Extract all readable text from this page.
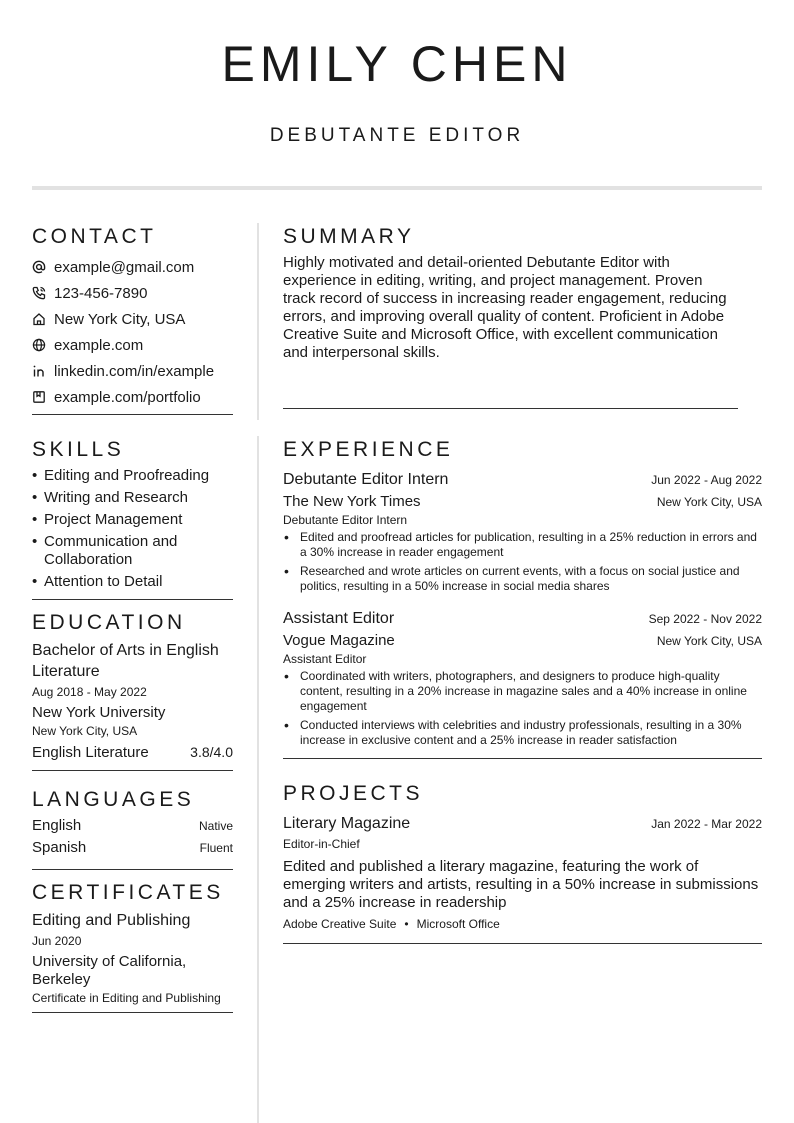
EMILY CHEN
DEBUTANTE EDITOR
CONTACT
example@gmail.com
123-456-7890
New York City, USA
example.com
linkedin.com/in/example
example.com/portfolio
SUMMARY
Highly motivated and detail-oriented Debutante Editor with experience in editing, writing, and project management. Proven track record of success in increasing reader engagement, reducing errors, and improving overall quality of content. Proficient in Adobe Creative Suite and Microsoft Office, with excellent communication and interpersonal skills.
SKILLS
• Editing and Proofreading
• Writing and Research
• Project Management
• Communication and Collaboration
• Attention to Detail
EDUCATION
Bachelor of Arts in English Literature
Aug 2018 - May 2022
New York University
New York City, USA
English Literature	3.8/4.0
LANGUAGES
English	Native
Spanish	Fluent
CERTIFICATES
Editing and Publishing
Jun 2020
University of California, Berkeley
Certificate in Editing and Publishing
EXPERIENCE
Debutante Editor Intern	Jun 2022 - Aug 2022
The New York Times	New York City, USA
Debutante Editor Intern
• Edited and proofread articles for publication, resulting in a 25% reduction in errors and a 30% increase in reader engagement
• Researched and wrote articles on current events, with a focus on social justice and politics, resulting in a 50% increase in social media shares
Assistant Editor	Sep 2022 - Nov 2022
Vogue Magazine	New York City, USA
Assistant Editor
• Coordinated with writers, photographers, and designers to produce high-quality content, resulting in a 20% increase in magazine sales and a 40% increase in online engagement
• Conducted interviews with celebrities and industry professionals, resulting in a 30% increase in exclusive content and a 25% increase in reader satisfaction
PROJECTS
Literary Magazine	Jan 2022 - Mar 2022
Editor-in-Chief
Edited and published a literary magazine, featuring the work of emerging writers and artists, resulting in a 50% increase in submissions and a 25% increase in readership
Adobe Creative Suite • Microsoft Office
